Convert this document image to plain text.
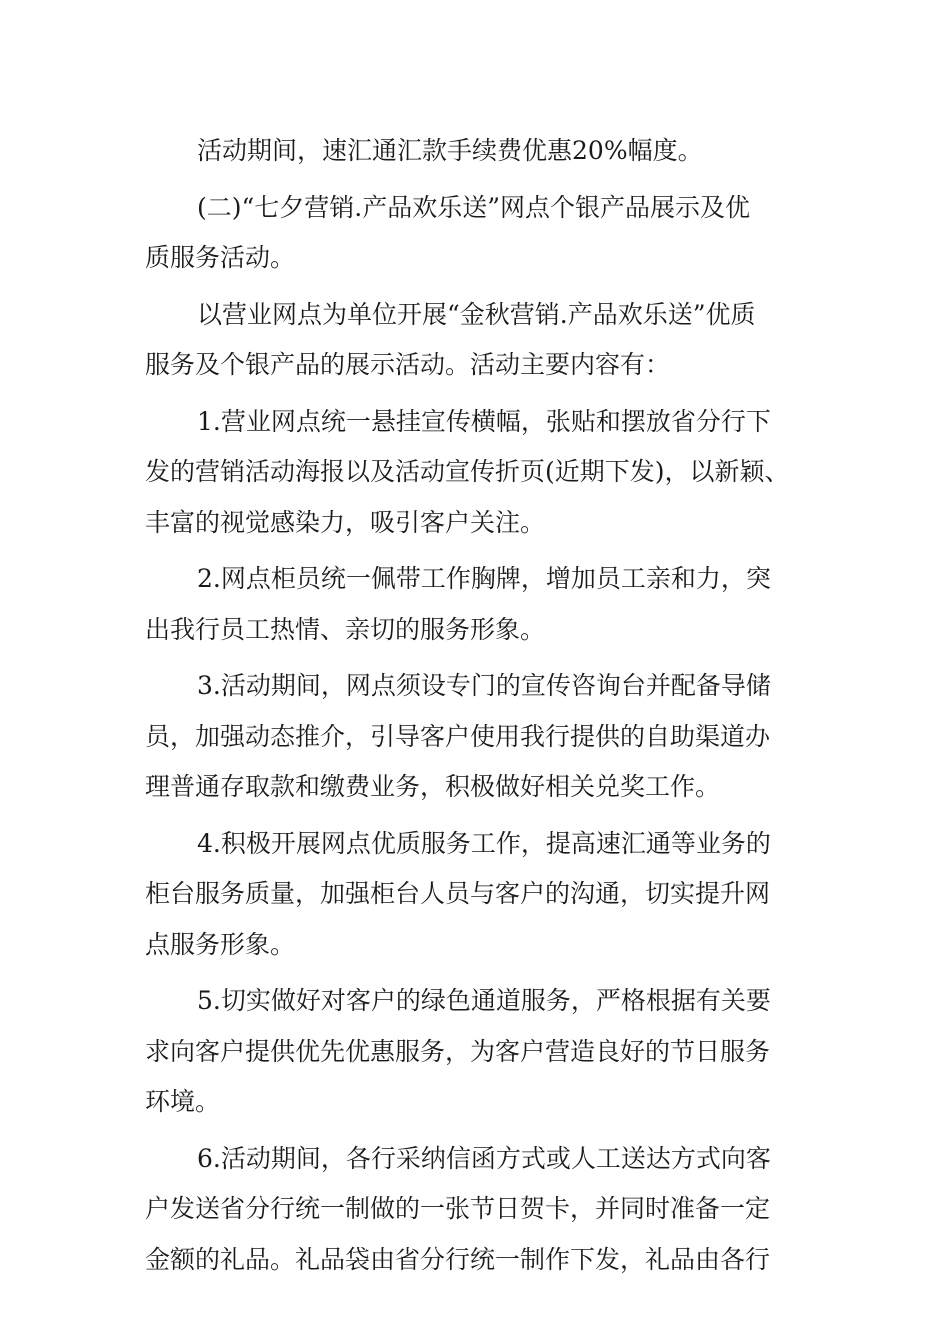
活动期间，速汇通汇款手续费优惠20%幅度。

(二)“七夕营销.产品欢乐送”网点个银产品展示及优
质服务活动。

以营业网点为单位开展“金秋营销.产品欢乐送”优质
服务及个银产品的展示活动。活动主要内容有：

1.营业网点统一悬挂宣传横幅，张贴和摆放省分行下
发的营销活动海报以及活动宣传折页(近期下发)，以新颖、
丰富的视觉感染力，吸引客户关注。

2.网点柜员统一佩带工作胸牌，增加员工亲和力，突
出我行员工热情、亲切的服务形象。

3.活动期间，网点须设专门的宣传咨询台并配备导储
员，加强动态推介，引导客户使用我行提供的自助渠道办
理普通存取款和缴费业务，积极做好相关兑奖工作。

4.积极开展网点优质服务工作，提高速汇通等业务的
柜台服务质量，加强柜台人员与客户的沟通，切实提升网
点服务形象。

5.切实做好对客户的绿色通道服务，严格根据有关要
求向客户提供优先优惠服务，为客户营造良好的节日服务
环境。

6.活动期间，各行采纳信函方式或人工送达方式向客
户发送省分行统一制做的一张节日贺卡，并同时准备一定
金额的礼品。礼品袋由省分行统一制作下发，礼品由各行
